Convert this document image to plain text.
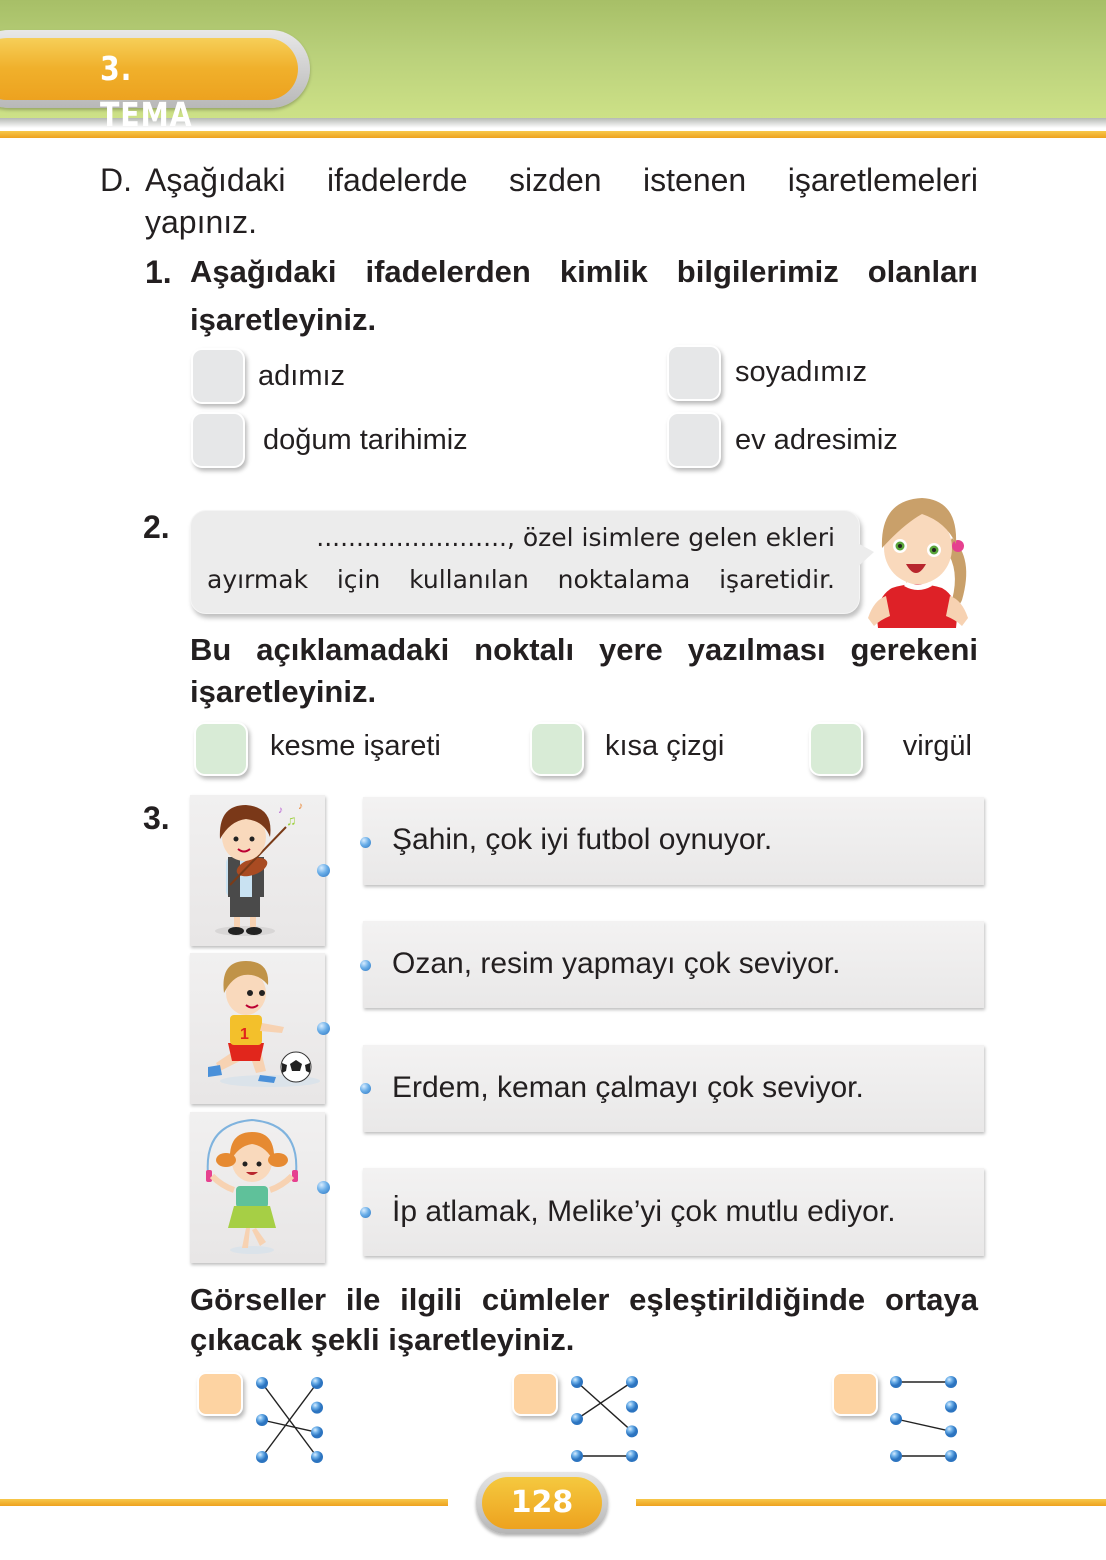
3. TEMA
D. Aşağıdaki ifadelerde sizden istenen işaretlemeleri
yapınız.
1. Aşağıdaki ifadelerden kimlik bilgilerimiz olanları
işaretleyiniz.
adımız	soyadımız
doğum tarihimiz	ev adresimiz
2.	........................, özel isimlere gelen ekleri
ayırmak için kullanılan noktalama işaretidir.
Bu açıklamadaki noktalı yere yazılması gerekeni
işaretleyiniz.
kesme işareti	kısa çizgi	virgül
3.	♫
♪ ♪
1
Şahin, çok iyi futbol oynuyor.
Ozan, resim yapmayı çok seviyor.
Erdem, keman çalmayı çok seviyor.
İp atlamak, Melike’yi çok mutlu ediyor.
Görseller ile ilgili cümleler eşleştirildiğinde ortaya
çıkacak şekli işaretleyiniz.
128
